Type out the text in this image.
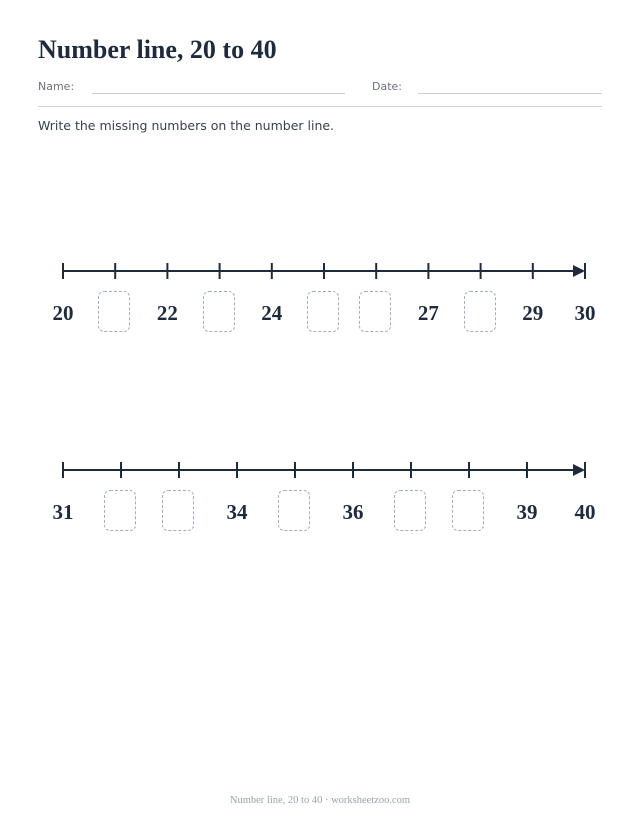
Number line, 20 to 40
Name:	Date:
Write the missing numbers on the number line.
20	22	24	27	29	30
31	34	36	39	40
Number line, 20 to 40 · worksheetzoo.com
